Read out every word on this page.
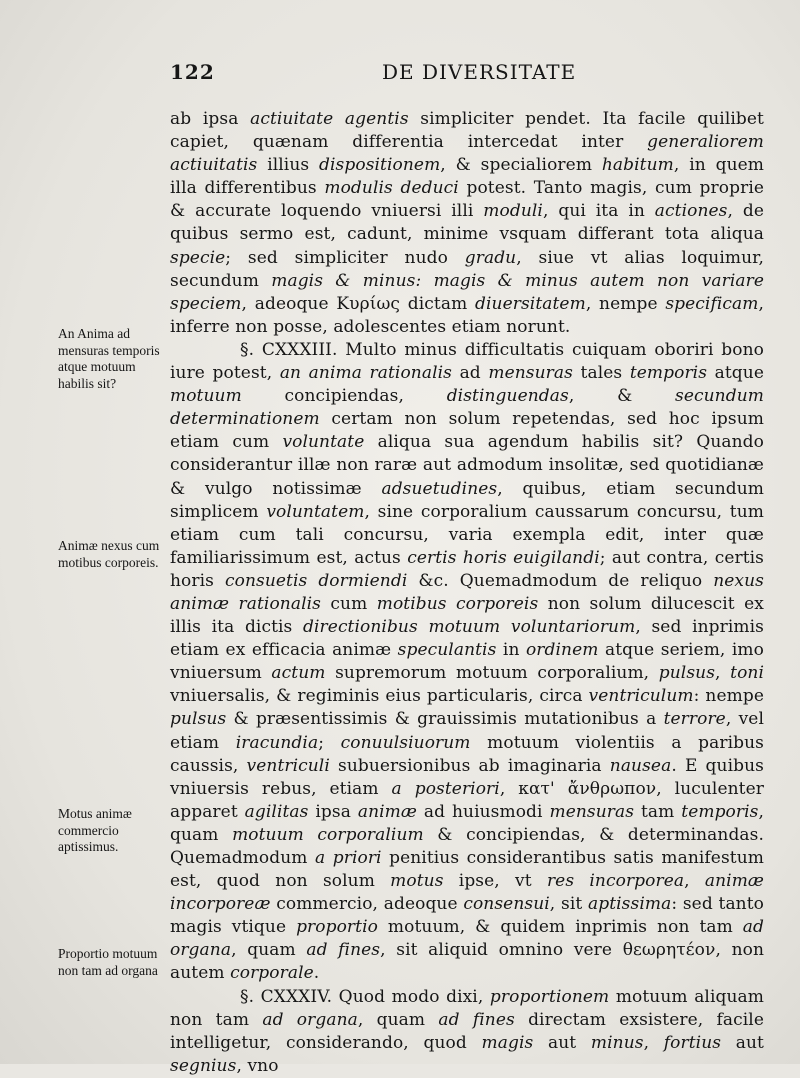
122	DE DIVERSITATE
An Anima ad mensuras temporis atque motuum habilis sit?
Animæ nexus cum motibus corporeis.
Motus animæ commercio aptissimus.
Proportio motuum non tam ad organa

ab ipsa actiuitate agentis simpliciter pendet. Ita facile quilibet capiet, quænam differentia intercedat inter generaliorem actiuitatis illius dispositionem, & specialiorem habitum, in quem illa differentibus modulis deduci potest. Tanto magis, cum proprie & accurate loquendo vniuersi illi moduli, qui ita in actiones, de quibus sermo est, cadunt, minime vsquam differant tota aliqua specie; sed simpliciter nudo gradu, siue vt alias loquimur, secundum magis & minus: magis & minus autem non variare speciem, adeoque Κυρίως dictam diuersitatem, nempe specificam, inferre non posse, adolescentes etiam norunt.

§. CXXXIII. Multo minus difficultatis cuiquam oboriri bono iure potest, an anima rationalis ad mensuras tales temporis atque motuum concipiendas, distinguendas, & secundum determinationem certam non solum repetendas, sed hoc ipsum etiam cum voluntate aliqua sua agendum habilis sit? Quando considerantur illæ non raræ aut admodum insolitæ, sed quotidianæ & vulgo notissimæ adsuetudines, quibus, etiam secundum simplicem voluntatem, sine corporalium caussarum concursu, tum etiam cum tali concursu, varia exempla edit, inter quæ familiarissimum est, actus certis horis euigilandi; aut contra, certis horis consuetis dormiendi &c. Quemadmodum de reliquo nexus animæ rationalis cum motibus corporeis non solum dilucescit ex illis ita dictis directionibus motuum voluntariorum, sed inprimis etiam ex efficacia animæ speculantis in ordinem atque seriem, imo vniuersum actum supremorum motuum corporalium, pulsus, toni vniuersalis, & regiminis eius particularis, circa ventriculum: nempe pulsus & præsentissimis & grauissimis mutationibus a terrore, vel etiam iracundia; conuulsiuorum motuum violentiis a paribus caussis, ventriculi subuersionibus ab imaginaria nausea. E quibus vniuersis rebus, etiam a posteriori, κατ' ἄνθρωπον, luculenter apparet agilitas ipsa animæ ad huiusmodi mensuras tam temporis, quam motuum corporalium & concipiendas, & determinandas. Quemadmodum a priori penitius considerantibus satis manifestum est, quod non solum motus ipse, vt res incorporea, animæ incorporeæ commercio, adeoque consensui, sit aptissima: sed tanto magis vtique proportio motuum, & quidem inprimis non tam ad organa, quam ad fines, sit aliquid omnino vere θεωρητέον, non autem corporale.

§. CXXXIV. Quod modo dixi, proportionem motuum aliquam non tam ad organa, quam ad fines directam exsistere, facile intelligetur, considerando, quod magis aut minus, fortius aut segnius, vno
